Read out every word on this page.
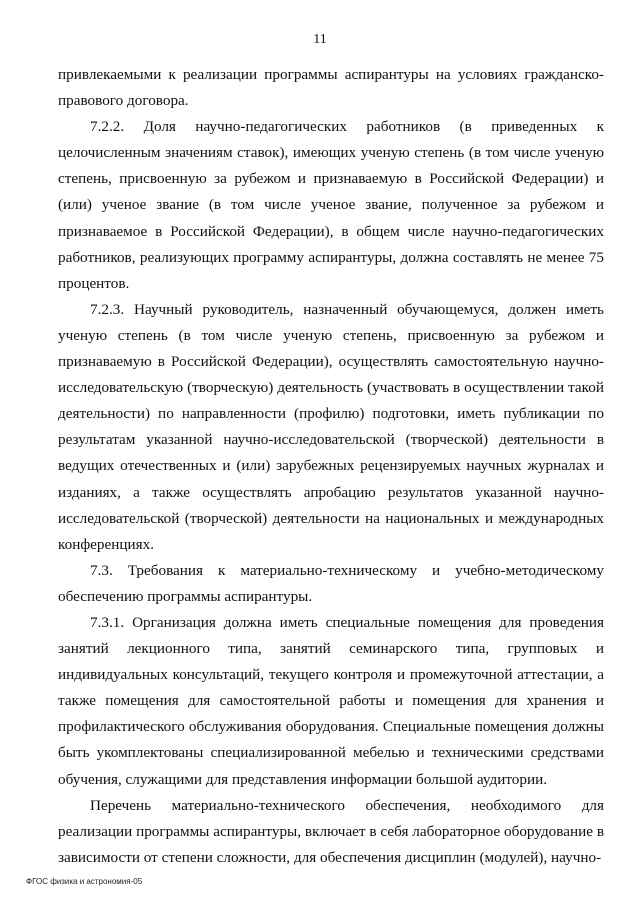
11

привлекаемыми к реализации программы аспирантуры на условиях гражданско-правового договора.

7.2.2. Доля научно-педагогических работников (в приведенных к целочисленным значениям ставок), имеющих ученую степень (в том числе ученую степень, присвоенную за рубежом и признаваемую в Российской Федерации) и (или) ученое звание (в том числе ученое звание, полученное за рубежом и признаваемое в Российской Федерации), в общем числе научно-педагогических работников, реализующих программу аспирантуры, должна составлять не менее 75 процентов.

7.2.3. Научный руководитель, назначенный обучающемуся, должен иметь ученую степень (в том числе ученую степень, присвоенную за рубежом и признаваемую в Российской Федерации), осуществлять самостоятельную научно-исследовательскую (творческую) деятельность (участвовать в осуществлении такой деятельности) по направленности (профилю) подготовки, иметь публикации по результатам указанной научно-исследовательской (творческой) деятельности в ведущих отечественных и (или) зарубежных рецензируемых научных журналах и изданиях, а также осуществлять апробацию результатов указанной научно-исследовательской (творческой) деятельности на национальных и международных конференциях.

7.3. Требования к материально-техническому и учебно-методическому обеспечению программы аспирантуры.

7.3.1. Организация должна иметь специальные помещения для проведения занятий лекционного типа, занятий семинарского типа, групповых и индивидуальных консультаций, текущего контроля и промежуточной аттестации, а также помещения для самостоятельной работы и помещения для хранения и профилактического обслуживания оборудования. Специальные помещения должны быть укомплектованы специализированной мебелью и техническими средствами обучения, служащими для представления информации большой аудитории.

Перечень материально-технического обеспечения, необходимого для реализации программы аспирантуры, включает в себя лабораторное оборудование в зависимости от степени сложности, для обеспечения дисциплин (модулей), научно-

ФГОС физика и астрономия-05
